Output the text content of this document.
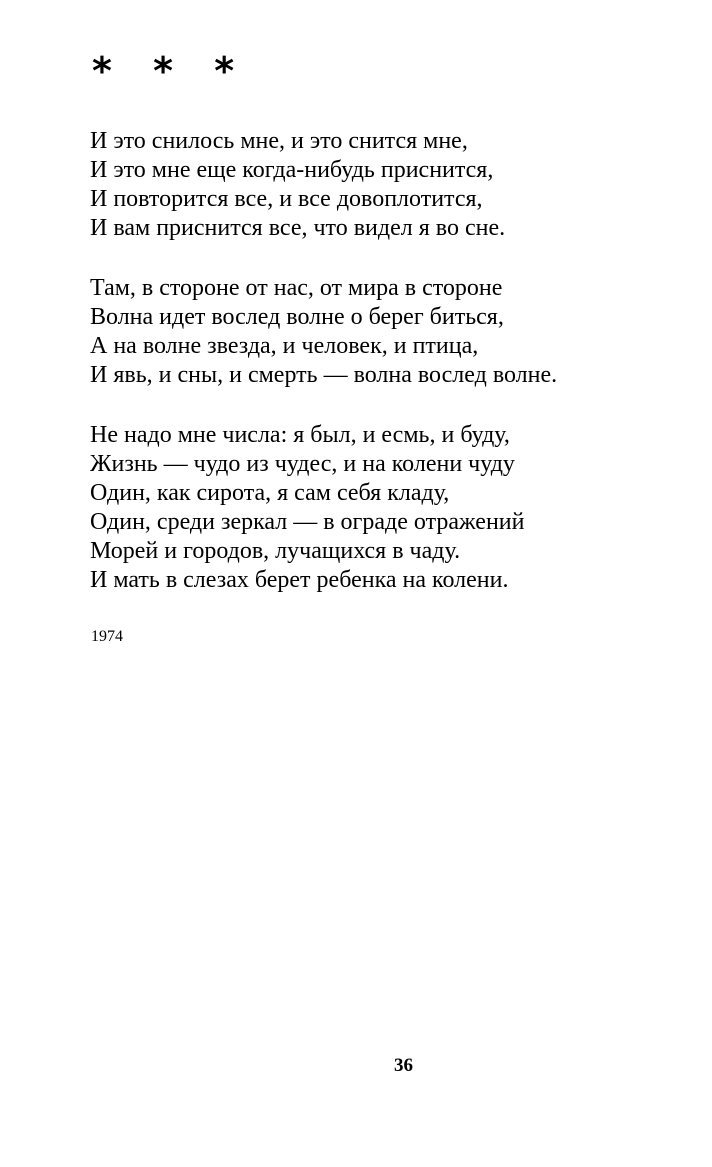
* * *
И это снилось мне, и это снится мне,
И это мне еще когда-нибудь приснится,
И повторится все, и все довоплотится,
И вам приснится все, что видел я во сне.
Там, в стороне от нас, от мира в стороне
Волна идет вослед волне о берег биться,
А на волне звезда, и человек, и птица,
И явь, и сны, и смерть — волна вослед волне.
Не надо мне числа: я был, и есмь, и буду,
Жизнь — чудо из чудес, и на колени чуду
Один, как сирота, я сам себя кладу,
Один, среди зеркал — в ограде отражений
Морей и городов, лучащихся в чаду.
И мать в слезах берет ребенка на колени.
1974
36
